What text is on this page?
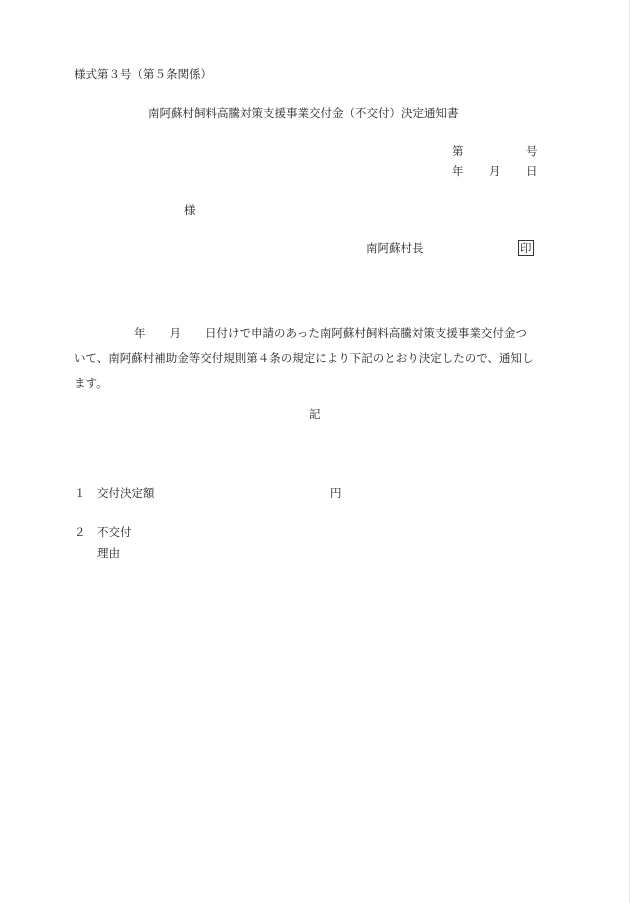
様式第３号（第５条関係）
南阿蘇村飼料高騰対策支援事業交付金（不交付）決定通知書
第	号
年 月 日
様
南阿蘇村長	印
年 月 日付けで申請のあった南阿蘇村飼料高騰対策支援事業交付金つ
いて、南阿蘇村補助金等交付規則第４条の規定により下記のとおり決定したので、通知し
ます。
記
１ 交付決定額	円
２ 不交付
理由
